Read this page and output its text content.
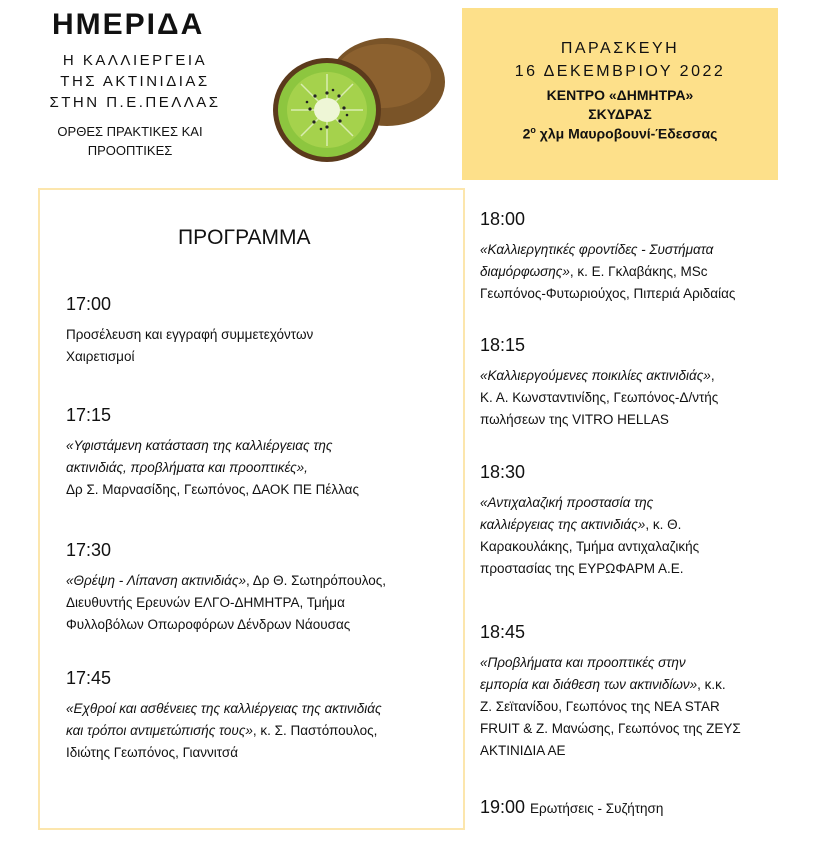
ΗΜΕΡΙΔΑ
Η ΚΑΛΛΙΕΡΓΕΙΑ
ΤΗΣ ΑΚΤΙΝΙΔΙΑΣ
ΣΤΗΝ Π.Ε.ΠΕΛΛΑΣ
ΟΡΘΕΣ ΠΡΑΚΤΙΚΕΣ ΚΑΙ
ΠΡΟΟΠΤΙΚΕΣ
ΠΑΡΑΣΚΕΥΗ
16 ΔΕΚΕΜΒΡΙΟΥ 2022
ΚΕΝΤΡΟ «ΔΗΜΗΤΡΑ»
ΣΚΥΔΡΑΣ
$2^o$ χλμ Μαυροβουνί-Έδεσσας
ΠΡΟΓΡΑΜΜΑ
17:00
Προσέλευση και εγγραφή συμμετεχόντων
Χαιρετισμοί
17:15
«Υφιστάμενη κατάσταση της καλλιέργειας της
ακτινιδιάς, προβλήματα και προοπτικές»,
Δρ Σ. Μαρνασίδης, Γεωπόνος, ΔΑΟΚ ΠΕ Πέλλας
17:30
«Θρέψη - Λίπανση ακτινιδιάς», Δρ Θ. Σωτηρόπουλος,
Διευθυντής Ερευνών ΕΛΓΟ-ΔΗΜΗΤΡΑ, Τμήμα
Φυλλοβόλων Οπωροφόρων Δένδρων Νάουσας
17:45
«Εχθροί και ασθένειες της καλλιέργειας της ακτινιδιάς
και τρόποι αντιμετώπισής τους», κ. Σ. Παστόπουλος,
Ιδιώτης Γεωπόνος, Γιαννιτσά
18:00
«Καλλιεργητικές φροντίδες - Συστήματα
διαμόρφωσης», κ. Ε. Γκλαβάκης, MSc
Γεωπόνος-Φυτωριούχος, Πιπεριά Αριδαίας
18:15
«Καλλιεργούμενες ποικιλίες ακτινιδιάς»,
Κ. Α. Κωνσταντινίδης, Γεωπόνος-Δ/ντής
πωλήσεων της VITRO HELLAS
18:30
«Αντιχαλαζική προστασία της
καλλιέργειας της ακτινιδιάς», κ. Θ.
Καρακουλάκης, Τμήμα αντιχαλαζικής
προστασίας της ΕΥΡΩΦΑΡΜ Α.Ε.
18:45
«Προβλήματα και προοπτικές στην
εμπορία και διάθεση των ακτινιδίων», κ.κ.
Ζ. Σεϊτανίδου, Γεωπόνος της ΝΕΑ STAR
FRUIT & Ζ. Μανώσης, Γεωπόνος της ΖΕΥΣ
ΑΚΤΙΝΙΔΙΑ ΑΕ
19:00 Ερωτήσεις - Συζήτηση
